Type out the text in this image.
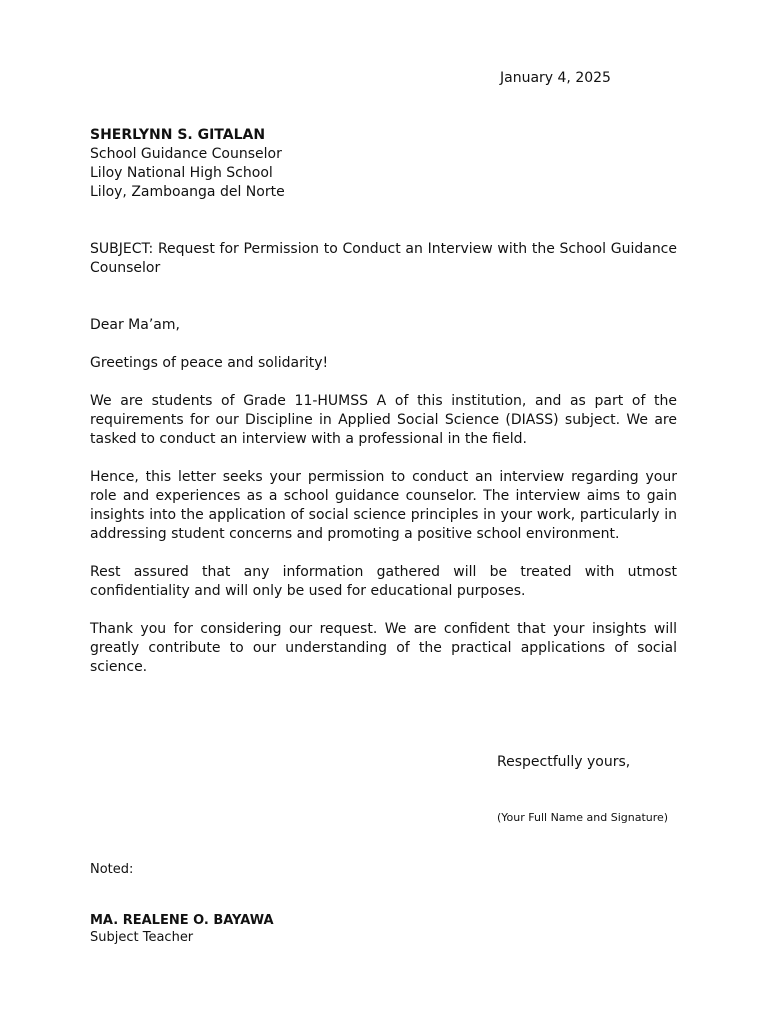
January 4, 2025
SHERLYNN S. GITALAN
School Guidance Counselor
Liloy National High School
Liloy, Zamboanga del Norte
SUBJECT: Request for Permission to Conduct an Interview with the School Guidance Counselor
Dear Ma’am,
Greetings of peace and solidarity!
We are students of Grade 11-HUMSS A of this institution, and as part of the requirements for our Discipline in Applied Social Science (DIASS) subject. We are tasked to conduct an interview with a professional in the field.
Hence, this letter seeks your permission to conduct an interview regarding your role and experiences as a school guidance counselor. The interview aims to gain insights into the application of social science principles in your work, particularly in addressing student concerns and promoting a positive school environment.
Rest assured that any information gathered will be treated with utmost confidentiality and will only be used for educational purposes.
Thank you for considering our request. We are confident that your insights will greatly contribute to our understanding of the practical applications of social science.
Respectfully yours,
(Your Full Name and Signature)
Noted:
MA. REALENE O. BAYAWA
Subject Teacher
